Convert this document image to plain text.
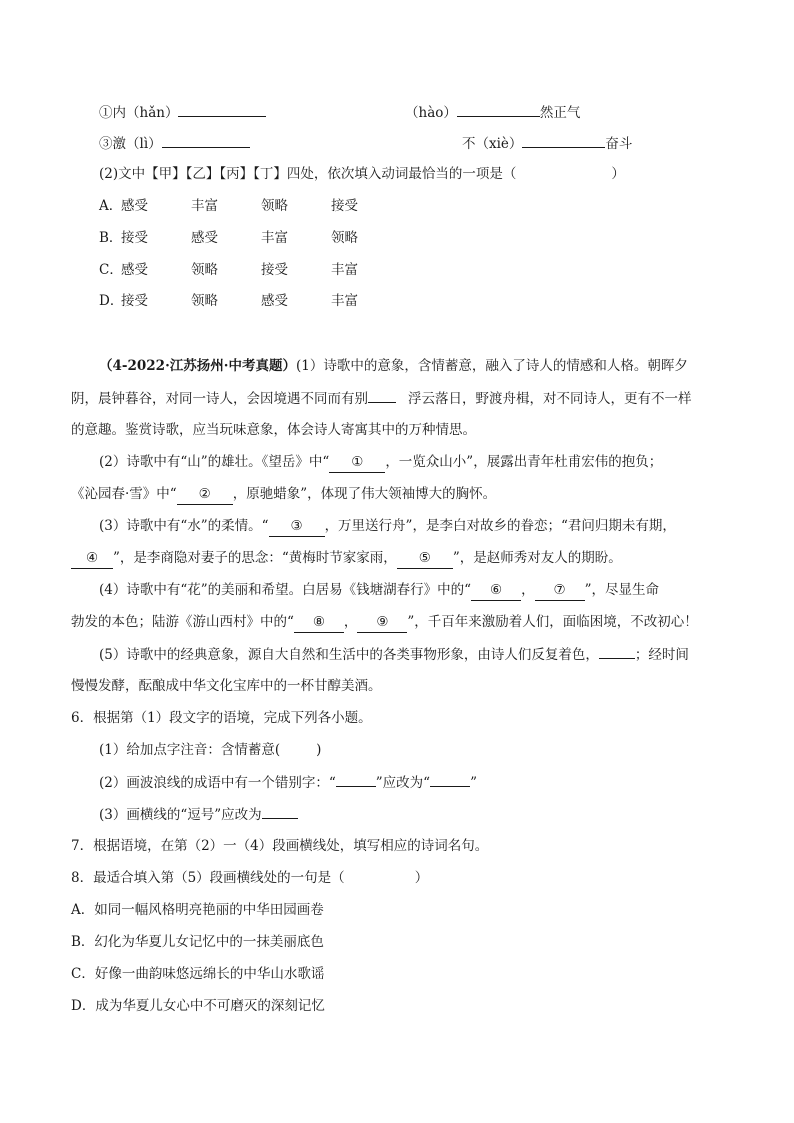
①内（hǎn）	（hào）	然正气
③激（lì）	不（xiè）	奋斗
(2)文中【甲】【乙】【丙】【丁】四处，依次填入动词最恰当的一项是（	）
A．感受	丰富	领略	接受
B．接受	感受	丰富	领略
C．感受	领略	接受	丰富
D．接受	领略	感受	丰富
（4-2022·江苏扬州·中考真题）(1）诗歌中的意象，含情蓄意，融入了诗人的情感和人格。朝晖夕
阴，晨钟暮谷，对同一诗人，会因境遇不同而有别	浮云落日，野渡舟楫，对不同诗人，更有不一样
的意趣。鉴赏诗歌，应当玩味意象，体会诗人寄寓其中的万种情思。
(2）诗歌中有“山”的雄壮。《望岳》中“ ① ，一览众山小”，展露出青年杜甫宏伟的抱负；
《沁园春·雪》中“ ② ，原驰蜡象”，体现了伟大领袖博大的胸怀。
(3）诗歌中有“水”的柔情。“ ③ ，万里送行舟”，是李白对故乡的眷恋；“君问归期未有期，
④ ”，是李商隐对妻子的思念：“黄梅时节家家雨， ⑤ ”，是赵师秀对友人的期盼。
(4）诗歌中有“花”的美丽和希望。白居易《钱塘湖春行》中的“ ⑥ ， ⑦ ”，尽显生命
勃发的本色；陆游《游山西村》中的“ ⑧ ， ⑨ ”，千百年来激励着人们，面临困境，不改初心！
(5）诗歌中的经典意象，源自大自然和生活中的各类事物形象，由诗人们反复着色，	；经时间
慢慢发酵，酝酿成中华文化宝库中的一杯甘醇美酒。
6．根据第（1）段文字的语境，完成下列各小题。
(1）给加点字注音：含情蓄意(	)
(2）画波浪线的成语中有一个错别字：“	”应改为“	”
(3）画横线的“逗号”应改为
7．根据语境，在第（2）一（4）段画横线处，填写相应的诗词名句。
8．最适合填入第（5）段画横线处的一句是（	）
A．如同一幅风格明亮艳丽的中华田园画卷
B．幻化为华夏儿女记忆中的一抹美丽底色
C．好像一曲韵味悠远绵长的中华山水歌谣
D．成为华夏儿女心中不可磨灭的深刻记忆
